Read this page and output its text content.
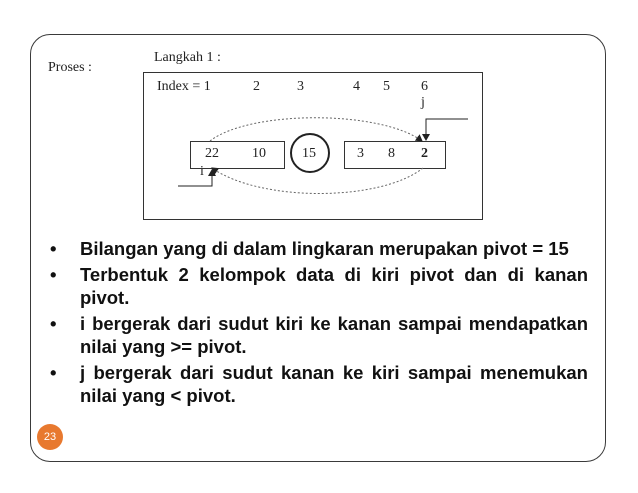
Proses :
Langkah 1 :
Index = 1	2	3	4 5 6
j
i
22 10	15	3 8 2
• Bilangan yang di dalam lingkaran merupakan pivot = 15
• Terbentuk 2 kelompok data di kiri pivot dan di kanan pivot.
• i bergerak dari sudut kiri ke kanan sampai mendapatkan nilai yang >= pivot.
• j bergerak dari sudut kanan ke kiri sampai menemukan nilai yang < pivot.
23
